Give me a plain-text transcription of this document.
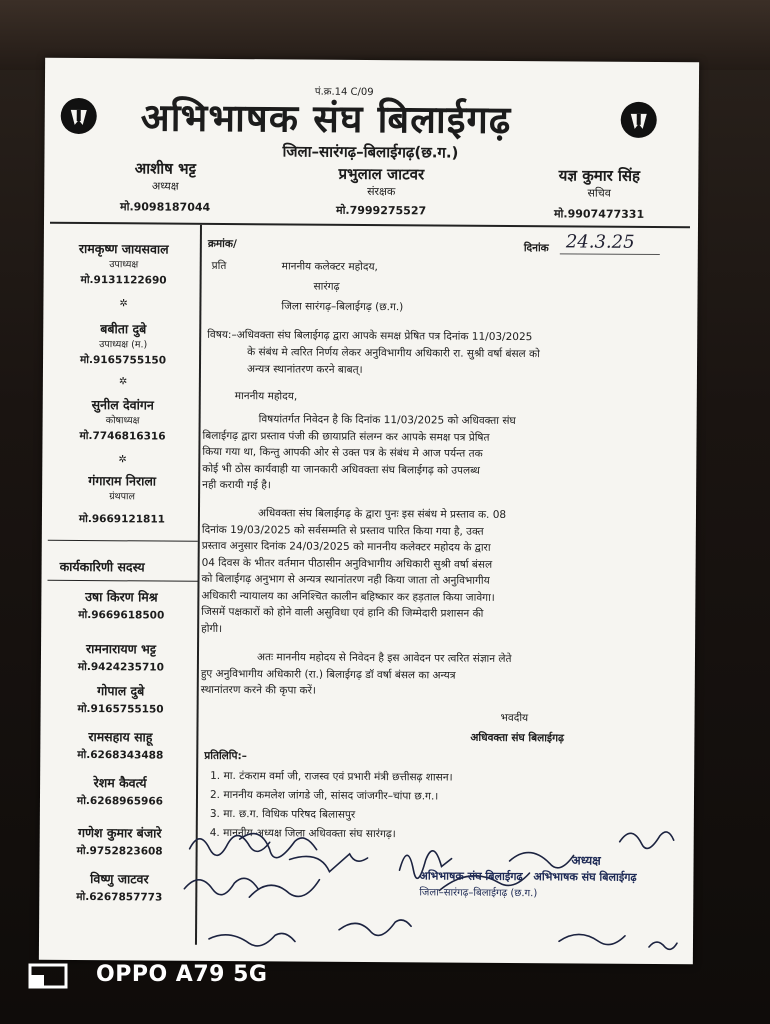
पं.क्र.14 C/09
अभिभाषक संघ बिलाईगढ़
जिला–सारंगढ़–बिलाईगढ़(छ.ग.)
आशीष भट्ट
अध्यक्ष
मो.9098187044
प्रभुलाल जाटवर
संरक्षक
मो.7999275527
यज्ञ कुमार सिंह
सचिव
मो.9907477331
रामकृष्ण जायसवाल
उपाध्यक्ष
मो.9131122690
✲
बबीता दुबे
उपाध्यक्ष (म.)
मो.9165755150
✲
सुनील देवांगन
कोषाध्यक्ष
मो.7746816316
✲
गंगाराम निराला
ग्रंथपाल
मो.9669121811
कार्यकारिणी सदस्य
उषा किरण मिश्र
मो.9669618500
रामनारायण भट्ट
मो.9424235710
गोपाल दुबे
मो.9165755150
रामसहाय साहू
मो.6268343488
रेशम कैवर्त्य
मो.6268965966
गणेश कुमार बंजारे
मो.9752823608
विष्णु जाटवर
मो.6267857773
क्रमांक/	दिनांक 24.3.25
प्रति	माननीय कलेक्टर महोदय,
सारंगढ़
जिला सारंगढ़–बिलाईगढ़ (छ.ग.)
विषय:–अधिवक्ता संघ बिलाईगढ़ द्वारा आपके समक्ष प्रेषित पत्र दिनांक 11/03/2025
के संबंध मे त्वरित निर्णय लेकर अनुविभागीय अधिकारी रा. सुश्री वर्षा बंसल को
अन्यत्र स्थानांतरण करने बाबत्।
माननीय महोदय,
विषयांतर्गत निवेदन है कि दिनांक 11/03/2025 को अधिवक्ता संघ
बिलाईगढ़ द्वारा प्रस्ताव पंजी की छायाप्रति संलग्न कर आपके समक्ष पत्र प्रेषित
किया गया था, किन्तु आपकी ओर से उक्त पत्र के संबंध मे आज पर्यन्त तक
कोई भी ठोस कार्यवाही या जानकारी अधिवक्ता संघ बिलाईगढ़ को उपलब्ध
नही करायी गई है।
अधिवक्ता संघ बिलाईगढ़ के द्वारा पुनः इस संबंध मे प्रस्ताव क. 08
दिनांक 19/03/2025 को सर्वसम्मति से प्रस्ताव पारित किया गया है, उक्त
प्रस्ताव अनुसार दिनांक 24/03/2025 को माननीय कलेक्टर महोदय के द्वारा
04 दिवस के भीतर वर्तमान पीठासीन अनुविभागीय अधिकारी सुश्री वर्षा बंसल
को बिलाईगढ़ अनुभाग से अन्यत्र स्थानांतरण नही किया जाता तो अनुविभागीय
अधिकारी न्यायालय का अनिश्चित कालीन बहिष्कार कर हड़ताल किया जावेगा।
जिसमें पक्षकारों को होने वाली असुविधा एवं हानि की जिम्मेदारी प्रशासन की
होगी।
अतः माननीय महोदय से निवेदन है इस आवेदन पर त्वरित संज्ञान लेते
हुए अनुविभागीय अधिकारी (रा.) बिलाईगढ़ डॉ वर्षा बंसल का अन्यत्र
स्थानांतरण करने की कृपा करें।
भवदीय
अधिवक्ता संघ बिलाईगढ़
प्रतिलिपि:–
1. मा. टंकराम वर्मा जी, राजस्व एवं प्रभारी मंत्री छत्तीसढ़ शासन।
2. माननीय कमलेश जांगडे जी, सांसद जांजगीर–चांपा छ.ग.।
3. मा. छ.ग. विधिक परिषद बिलासपुर
4. माननीय अध्यक्ष जिला अधिवक्ता संघ सारंगढ़।
अध्यक्ष
अभिभाषक संघ बिलाईगढ़
जिला–सारंगढ़–बिलाईगढ़ (छ.ग.)
अभिभाषक संघ बिलाईगढ़
OPPO A79 5G
